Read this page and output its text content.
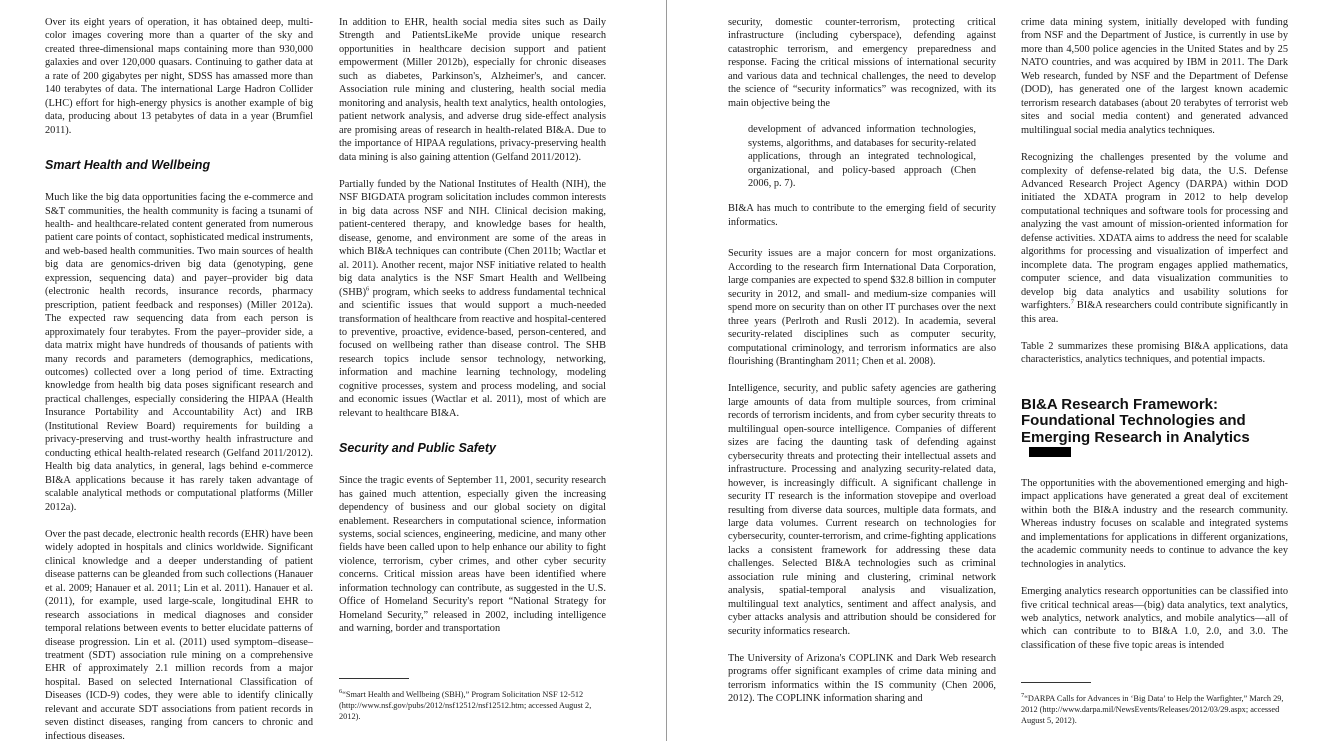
Over its eight years of operation, it has obtained deep, multi-color images covering more than a quarter of the sky and created three-dimensional maps containing more than 930,000 galaxies and over 120,000 quasars. Continuing to gather data at a rate of 200 gigabytes per night, SDSS has amassed more than 140 terabytes of data. The international Large Hadron Collider (LHC) effort for high-energy physics is another example of big data, producing about 13 petabytes of data in a year (Brumfiel 2011).

Smart Health and Wellbeing

Much like the big data opportunities facing the e-commerce and S&T communities, the health community is facing a tsunami of health- and healthcare-related content generated from numerous patient care points of contact, sophisticated medical instruments, and web-based health communities. Two main sources of health big data are genomics-driven big data (genotyping, gene expression, sequencing data) and payer–provider big data (electronic health records, insurance records, pharmacy prescription, patient feedback and responses) (Miller 2012a). The expected raw sequencing data from each person is approximately four terabytes. From the payer–provider side, a data matrix might have hundreds of thousands of patients with many records and parameters (demographics, medications, outcomes) collected over a long period of time. Extracting knowledge from health big data poses significant research and practical challenges, especially considering the HIPAA (Health Insurance Portability and Accountability Act) and IRB (Institutional Review Board) requirements for building a privacy-preserving and trust-worthy health infrastructure and conducting ethical health-related research (Gelfand 2011/2012). Health big data analytics, in general, lags behind e-commerce BI&A applications because it has rarely taken advantage of scalable analytical methods or computational platforms (Miller 2012a).

Over the past decade, electronic health records (EHR) have been widely adopted in hospitals and clinics worldwide. Significant clinical knowledge and a deeper understanding of patient disease patterns can be gleanded from such collections (Hanauer et al. 2009; Hanauer et al. 2011; Lin et al. 2011). Hanauer et al. (2011), for example, used large-scale, longitudinal EHR to research associations in medical diagnoses and consider temporal relations between events to better elucidate patterns of disease progression. Lin et al. (2011) used symptom–disease–treatment (SDT) association rule mining on a comprehensive EHR of approximately 2.1 million records from a major hospital. Based on selected International Classification of Diseases (ICD-9) codes, they were able to identify clinically relevant and accurate SDT associations from patient records in seven distinct diseases, ranging from cancers to chronic and infectious diseases.

In addition to EHR, health social media sites such as Daily Strength and PatientsLikeMe provide unique research opportunities in healthcare decision support and patient empowerment (Miller 2012b), especially for chronic diseases such as diabetes, Parkinson's, Alzheimer's, and cancer. Association rule mining and clustering, health social media monitoring and analysis, health text analytics, health ontologies, patient network analysis, and adverse drug side-effect analysis are promising areas of research in health-related BI&A. Due to the importance of HIPAA regulations, privacy-preserving health data mining is also gaining attention (Gelfand 2011/2012).

Partially funded by the National Institutes of Health (NIH), the NSF BIGDATA program solicitation includes common interests in big data across NSF and NIH. Clinical decision making, patient-centered therapy, and knowledge bases for health, disease, genome, and environment are some of the areas in which BI&A techniques can contribute (Chen 2011b; Wactlar et al. 2011). Another recent, major NSF initiative related to health big data analytics is the NSF Smart Health and Wellbeing (SHB)$^6$ program, which seeks to address fundamental technical and scientific issues that would support a much-needed transformation of healthcare from reactive and hospital-centered to preventive, proactive, evidence-based, person-centered, and focused on wellbeing rather than disease control. The SHB research topics include sensor technology, networking, information and machine learning technology, modeling cognitive processes, system and process modeling, and social and economic issues (Wactlar et al. 2011), most of which are relevant to healthcare BI&A.

Security and Public Safety

Since the tragic events of September 11, 2001, security research has gained much attention, especially given the increasing dependency of business and our global society on digital enablement. Researchers in computational science, information systems, social sciences, engineering, medicine, and many other fields have been called upon to help enhance our ability to fight violence, terrorism, cyber crimes, and other cyber security concerns. Critical mission areas have been identified where information technology can contribute, as suggested in the U.S. Office of Homeland Security's report “National Strategy for Homeland Security,” released in 2002, including intelligence and warning, border and transportation

$^6$“Smart Health and Wellbeing (SBH),” Program Solicitation NSF 12-512 (http://www.nsf.gov/pubs/2012/nsf12512/nsf12512.htm; accessed August 2, 2012).

security, domestic counter-terrorism, protecting critical infrastructure (including cyberspace), defending against catastrophic terrorism, and emergency preparedness and response. Facing the critical missions of international security and various data and technical challenges, the need to develop the science of “security informatics” was recognized, with its main objective being the

development of advanced information technologies, systems, algorithms, and databases for security-related applications, through an integrated technological, organizational, and policy-based approach (Chen 2006, p. 7).

BI&A has much to contribute to the emerging field of security informatics.

Security issues are a major concern for most organizations. According to the research firm International Data Corporation, large companies are expected to spend $32.8 billion in computer security in 2012, and small- and medium-size companies will spend more on security than on other IT purchases over the next three years (Perlroth and Rusli 2012). In academia, several security-related disciplines such as computer security, computational criminology, and terrorism informatics are also flourishing (Brantingham 2011; Chen et al. 2008).

Intelligence, security, and public safety agencies are gathering large amounts of data from multiple sources, from criminal records of terrorism incidents, and from cyber security threats to multilingual open-source intelligence. Companies of different sizes are facing the daunting task of defending against cybersecurity threats and protecting their intellectual assets and infrastructure. Processing and analyzing security-related data, however, is increasingly difficult. A significant challenge in security IT research is the information stovepipe and overload resulting from diverse data sources, multiple data formats, and large data volumes. Current research on technologies for cybersecurity, counter-terrorism, and crime-fighting applications lacks a consistent framework for addressing these data challenges. Selected BI&A technologies such as criminal association rule mining and clustering, criminal network analysis, spatial-temporal analysis and visualization, multilingual text analytics, sentiment and affect analysis, and cyber attacks analysis and attribution should be considered for security informatics research.

The University of Arizona's COPLINK and Dark Web research programs offer significant examples of crime data mining and terrorism informatics within the IS community (Chen 2006, 2012). The COPLINK information sharing and

crime data mining system, initially developed with funding from NSF and the Department of Justice, is currently in use by more than 4,500 police agencies in the United States and by 25 NATO countries, and was acquired by IBM in 2011. The Dark Web research, funded by NSF and the Department of Defense (DOD), has generated one of the largest known academic terrorism research databases (about 20 terabytes of terrorist web sites and social media content) and generated advanced multilingual social media analytics techniques.

Recognizing the challenges presented by the volume and complexity of defense-related big data, the U.S. Defense Advanced Research Project Agency (DARPA) within DOD initiated the XDATA program in 2012 to help develop computational techniques and software tools for processing and analyzing the vast amount of mission-oriented information for defense activities. XDATA aims to address the need for scalable algorithms for processing and visualization of imperfect and incomplete data. The program engages applied mathematics, computer science, and data visualization communities to develop big data analytics and usability solutions for warfighters.$^7$ BI&A researchers could contribute significantly in this area.

Table 2 summarizes these promising BI&A applications, data characteristics, analytics techniques, and potential impacts.

BI&A Research Framework:
Foundational Technologies and
Emerging Research in Analytics

The opportunities with the abovementioned emerging and high-impact applications have generated a great deal of excitement within both the BI&A industry and the research community. Whereas industry focuses on scalable and integrated systems and implementations for applications in different organizations, the academic community needs to continue to advance the key technologies in analytics.

Emerging analytics research opportunities can be classified into five critical technical areas—(big) data analytics, text analytics, web analytics, network analytics, and mobile analytics—all of which can contribute to to BI&A 1.0, 2.0, and 3.0. The classification of these five topic areas is intended

$^7$“DARPA Calls for Advances in ‘Big Data’ to Help the Warfighter,” March 29, 2012 (http://www.darpa.mil/NewsEvents/Releases/2012/03/29.aspx; accessed August 5, 2012).
